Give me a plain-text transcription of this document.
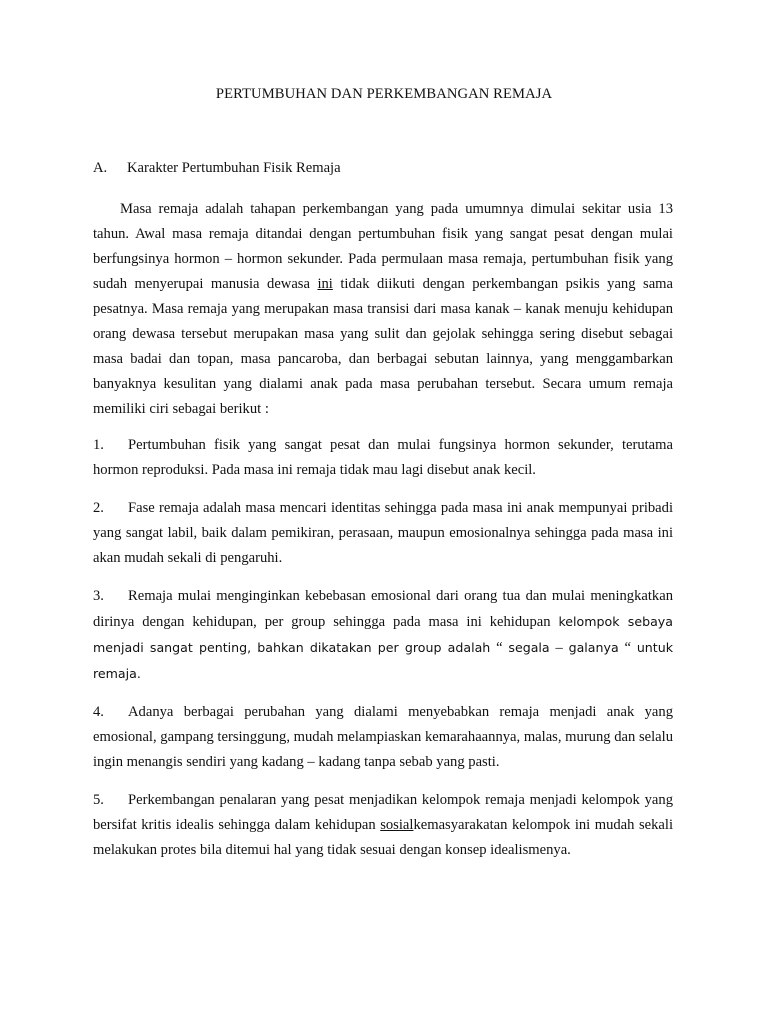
PERTUMBUHAN DAN PERKEMBANGAN REMAJA
A. Karakter Pertumbuhan Fisik Remaja

Masa remaja adalah tahapan perkembangan yang pada umumnya dimulai sekitar usia 13 tahun. Awal masa remaja ditandai dengan pertumbuhan fisik yang sangat pesat dengan mulai berfungsinya hormon – hormon sekunder. Pada permulaan masa remaja, pertumbuhan fisik yang sudah menyerupai manusia dewasa ini tidak diikuti dengan perkembangan psikis yang sama pesatnya. Masa remaja yang merupakan masa transisi dari masa kanak – kanak menuju kehidupan orang dewasa tersebut merupakan masa yang sulit dan gejolak sehingga sering disebut sebagai masa badai dan topan, masa pancaroba, dan berbagai sebutan lainnya, yang menggambarkan banyaknya kesulitan yang dialami anak pada masa perubahan tersebut. Secara umum remaja memiliki ciri sebagai berikut :

1. Pertumbuhan fisik yang sangat pesat dan mulai fungsinya hormon sekunder, terutama hormon reproduksi. Pada masa ini remaja tidak mau lagi disebut anak kecil.

2. Fase remaja adalah masa mencari identitas sehingga pada masa ini anak mempunyai pribadi yang sangat labil, baik dalam pemikiran, perasaan, maupun emosionalnya sehingga pada masa ini akan mudah sekali di pengaruhi.

3. Remaja mulai menginginkan kebebasan emosional dari orang tua dan mulai meningkatkan dirinya dengan kehidupan, per group sehingga pada masa ini kehidupan kelompok sebaya menjadi sangat penting, bahkan dikatakan per group adalah “ segala – galanya “ untuk remaja.

4. Adanya berbagai perubahan yang dialami menyebabkan remaja menjadi anak yang emosional, gampang tersinggung, mudah melampiaskan kemarahaannya, malas, murung dan selalu ingin menangis sendiri yang kadang – kadang tanpa sebab yang pasti.

5. Perkembangan penalaran yang pesat menjadikan kelompok remaja menjadi kelompok yang bersifat kritis idealis sehingga dalam kehidupan sosialkemasyarakatan kelompok ini mudah sekali melakukan protes bila ditemui hal yang tidak sesuai dengan konsep idealismenya.
